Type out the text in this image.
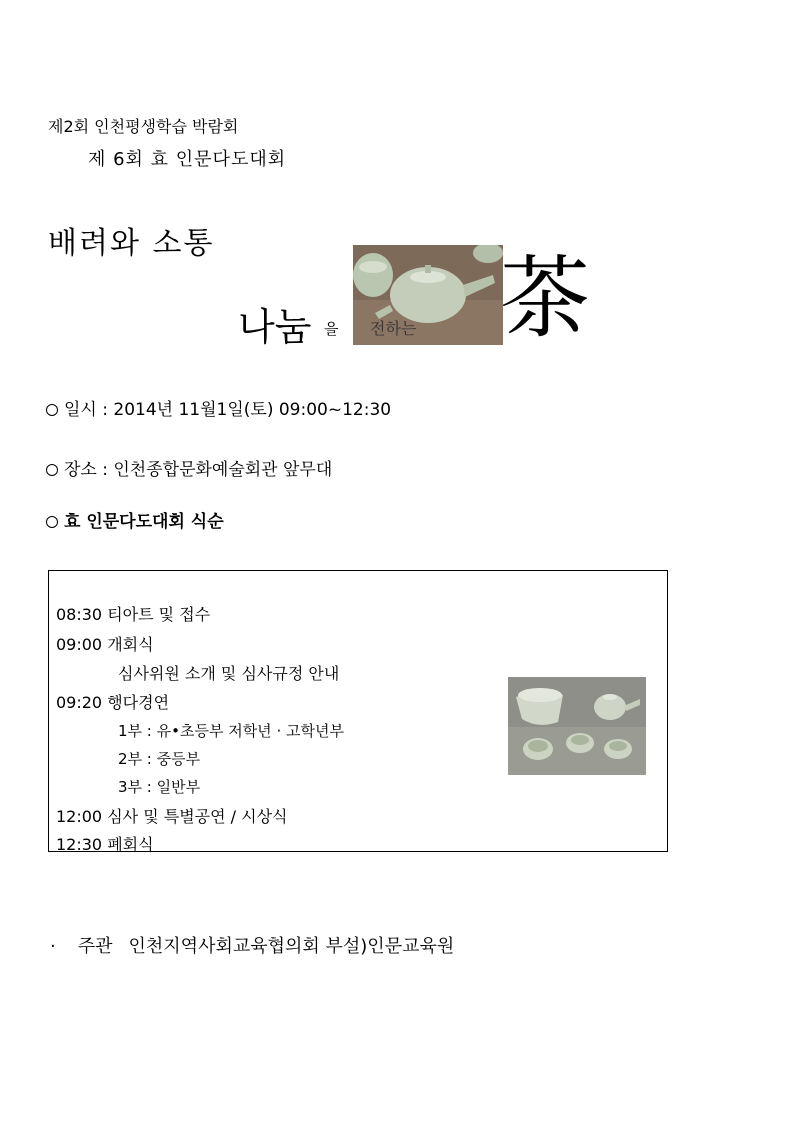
제2회 인천평생학습 박람회
제 6회 효 인문다도대회
배려와 소통
나눔 을 전하는 茶
일시 : 2014년 11월1일(토) 09:00~12:30
장소 : 인천종합문화예술회관 앞무대
효 인문다도대회 식순
08:30 티아트 및 접수
09:00 개회식
심사위원 소개 및 심사규정 안내
09:20 행다경연
1부 : 유•초등부 저학년 · 고학년부
2부 : 중등부
3부 : 일반부
12:00 심사 및 특별공연 / 시상식
12:30 폐회식
· 주관 인천지역사회교육협의회 부설)인문교육원
